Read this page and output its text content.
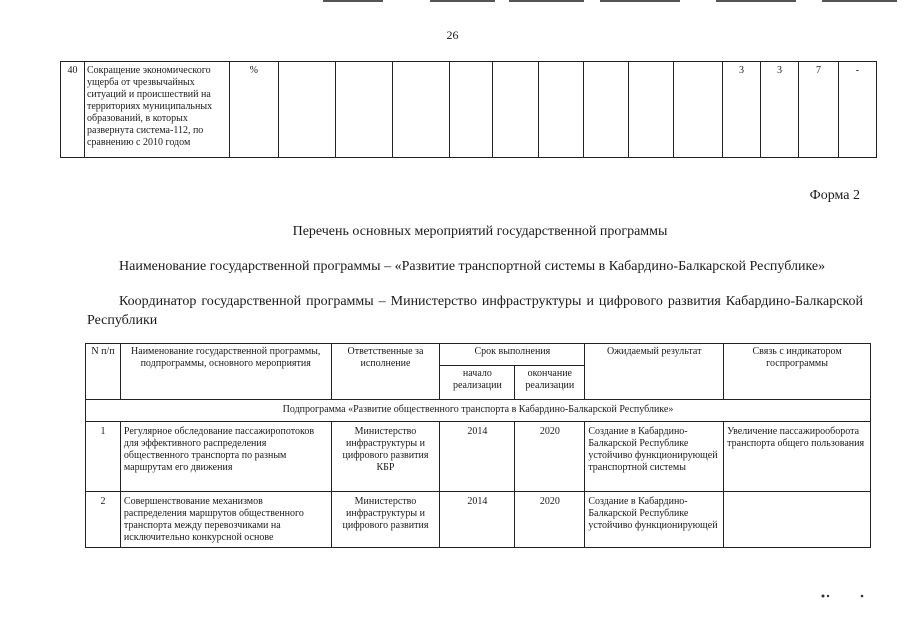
26
40	Сокращение экономического ущерба от чрезвычайных ситуаций и происшествий на территориях муниципальных образований, в которых развернута система-112, по сравнению с 2010 годом	%										3	3	7	-
Форма 2
Перечень основных мероприятий государственной программы
Наименование государственной программы – «Развитие транспортной системы в Кабардино-Балкарской Республике»
Координатор государственной программы – Министерство инфраструктуры и цифрового развития Кабардино-Балкарской Республики
N п/п	Наименование государственной программы, подпрограммы, основного мероприятия	Ответственные за исполнение	Срок выполнения		Ожидаемый результат	Связь с индикатором госпрограммы
			начало реализации	окончание реализации		
Подпрограмма «Развитие общественного транспорта в Кабардино-Балкарской Республике»						
1	Регулярное обследование пассажиропотоков для эффективного распределения общественного транспорта по разным маршрутам его движения	Министерство инфраструктуры и цифрового развития КБР	2014	2020	Создание в Кабардино-Балкарской Республике устойчиво функционирующей транспортной системы	Увеличение пассажирооборота транспорта общего пользования
2	Совершенствование механизмов распределения маршрутов общественного транспорта между перевозчиками на исключительно конкурсной основе	Министерство инфраструктуры и цифрового развития	2014	2020	Создание в Кабардино-Балкарской Республике устойчиво функционирующей	
